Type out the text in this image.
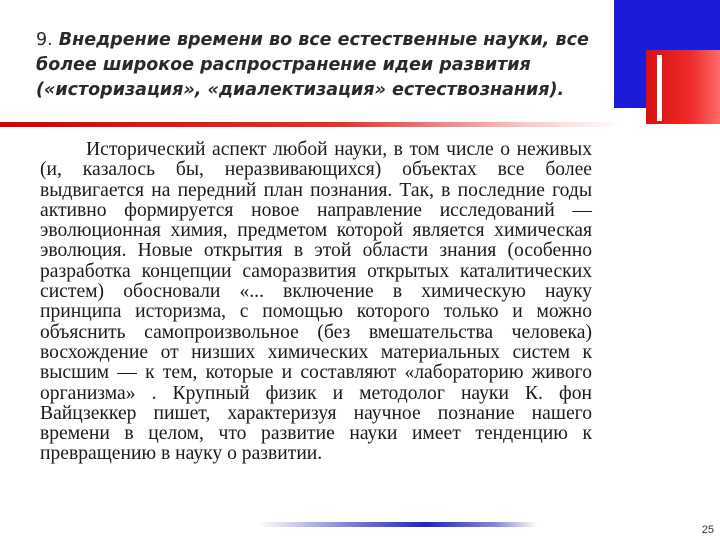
9. Внедрение времени во все естественные науки, все более широкое распространение идеи развития («историзация», «диалектизация» естествознания).

Исторический аспект любой науки, в том числе о неживых (и, казалось бы, неразвивающихся) объектах все более выдвигается на передний план познания. Так, в последние годы активно формируется новое направление исследований — эволюционная химия, предметом которой является химическая эволюция. Новые открытия в этой области знания (особенно разработка концепции саморазвития открытых каталитических систем) обосновали «... включение в химическую науку принципа историзма, с помощью которого только и можно объяснить самопроизвольное (без вмешательства человека) восхождение от низших химических материальных систем к высшим — к тем, которые и составляют «лабораторию живого организма» . Крупный физик и методолог науки К. фон Вайцзеккер пишет, характеризуя научное познание нашего времени в целом, что развитие науки имеет тенденцию к превращению в науку о развитии.

25
